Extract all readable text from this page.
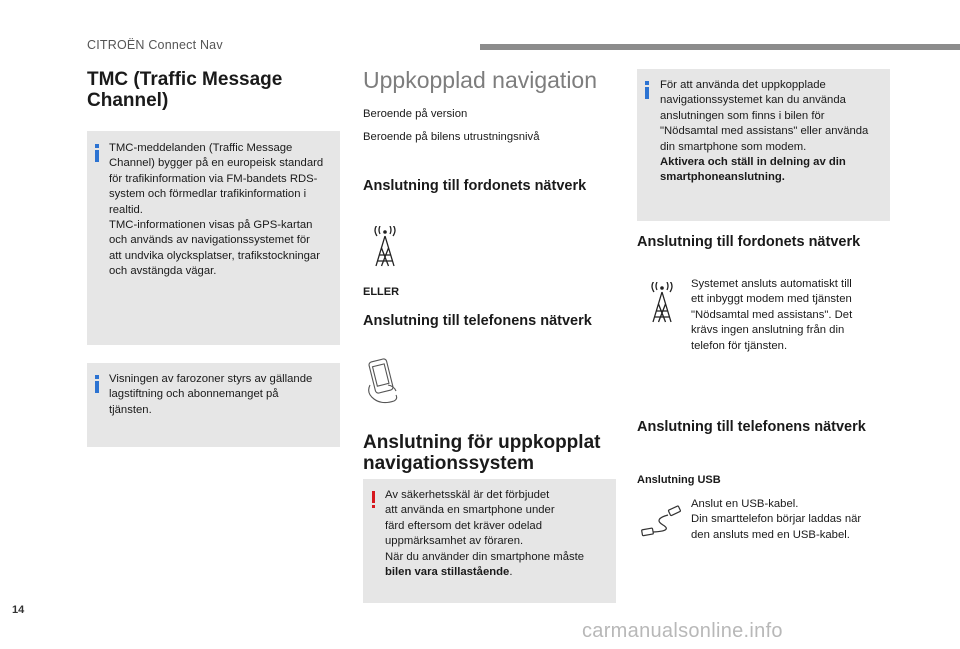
CITROËN Connect Nav
14
carmanualsonline.info
TMC (Traffic Message Channel)

TMC-meddelanden (Traffic Message

Channel) bygger på en europeisk standard

för trafikinformation via FM-bandets RDS-

system och förmedlar trafikinformation i

realtid.

TMC-informationen visas på GPS-kartan

och används av navigationssystemet för

att undvika olycksplatser, trafikstockningar

och avstängda vägar.

Visningen av farozoner styrs av gällande

lagstiftning och abonnemanget på

tjänsten.

Uppkopplad navigation

Beroende på version

Beroende på bilens utrustningsnivå

Anslutning till fordonets nätverk
ELLER
Anslutning till telefonens nätverk
Anslutning för uppkopplat navigationssystem

Av säkerhetsskäl är det förbjudet

att använda en smartphone under

färd eftersom det kräver odelad

uppmärksamhet av föraren.

När du använder din smartphone måste

bilen vara stillastående.

För att använda det uppkopplade

navigationssystemet kan du använda

anslutningen som finns i bilen för

"Nödsamtal med assistans" eller använda

din smartphone som modem.

Aktivera och ställ in delning av din

smartphoneanslutning.

Anslutning till fordonets nätverk

Systemet ansluts automatiskt till

ett inbyggt modem med tjänsten

"Nödsamtal med assistans". Det

krävs ingen anslutning från din

telefon för tjänsten.

Anslutning till telefonens nätverk
Anslutning USB

Anslut en USB-kabel.

Din smarttelefon börjar laddas när

den ansluts med en USB-kabel.
